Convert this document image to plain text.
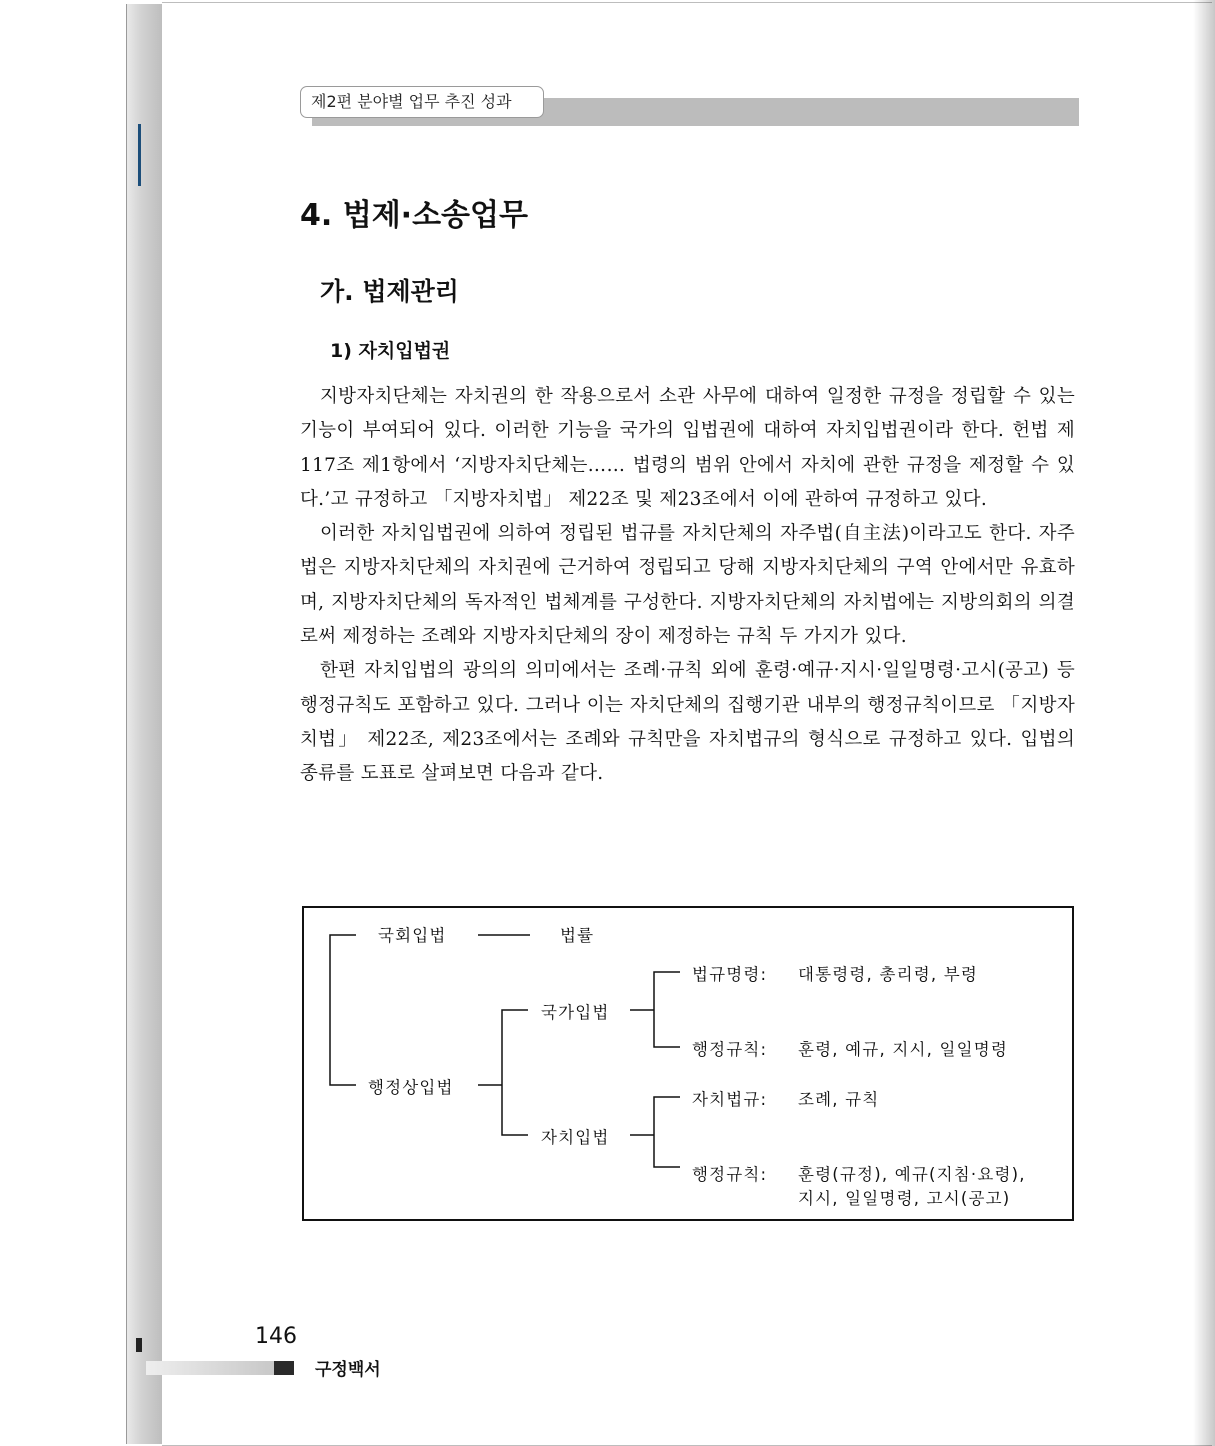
제2편 분야별 업무 추진 성과
4. 법제·소송업무
가. 법제관리
1) 자치입법권

지방자치단체는 자치권의 한 작용으로서 소관 사무에 대하여 일정한 규정을 정립할 수 있는 기능이 부여되어 있다. 이러한 기능을 국가의 입법권에 대하여 자치입법권이라 한다. 헌법 제117조 제1항에서 ‘지방자치단체는…… 법령의 범위 안에서 자치에 관한 규정을 제정할 수 있다.’고 규정하고 「지방자치법」 제22조 및 제23조에서 이에 관하여 규정하고 있다.

이러한 자치입법권에 의하여 정립된 법규를 자치단체의 자주법(自主法)이라고도 한다. 자주법은 지방자치단체의 자치권에 근거하여 정립되고 당해 지방자치단체의 구역 안에서만 유효하며, 지방자치단체의 독자적인 법체계를 구성한다. 지방자치단체의 자치법에는 지방의회의 의결로써 제정하는 조례와 지방자치단체의 장이 제정하는 규칙 두 가지가 있다.

한편 자치입법의 광의의 의미에서는 조례·규칙 외에 훈령·예규·지시·일일명령·고시(공고) 등 행정규칙도 포함하고 있다. 그러나 이는 자치단체의 집행기관 내부의 행정규칙이므로 「지방자치법」 제22조, 제23조에서는 조례와 규칙만을 자치법규의 형식으로 규정하고 있다. 입법의 종류를 도표로 살펴보면 다음과 같다.

국회입법	법률
행정상입법
국가입법
자치입법
법규명령: 대통령령, 총리령, 부령
행정규칙: 훈령, 예규, 지시, 일일명령
자치법규: 조례, 규칙
행정규칙: 훈령(규정), 예규(지침·요령),
지시, 일일명령, 고시(공고)
146
구정백서
